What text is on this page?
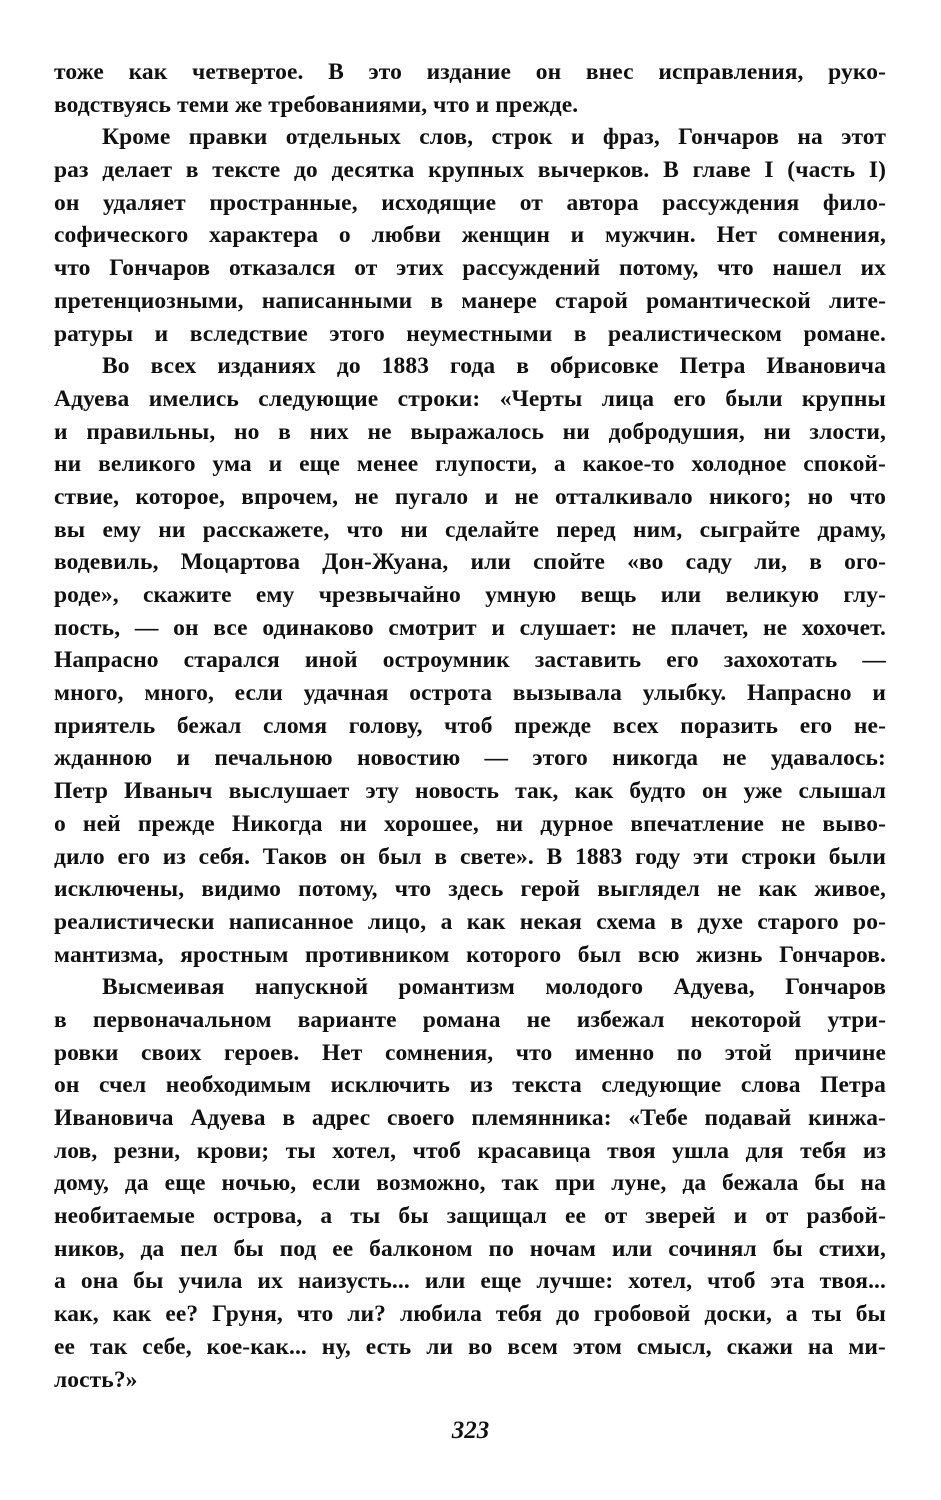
тоже как четвертое. В это издание он внес исправления, руко-
водствуясь теми же требованиями, что и прежде.
Кроме правки отдельных слов, строк и фраз, Гончаров на этот
раз делает в тексте до десятка крупных вычерков. В главе I (часть I)
он удаляет пространные, исходящие от автора рассуждения фило-
софического характера о любви женщин и мужчин. Нет сомнения,
что Гончаров отказался от этих рассуждений потому, что нашел их
претенциозными, написанными в манере старой романтической лите-
ратуры и вследствие этого неуместными в реалистическом романе.
Во всех изданиях до 1883 года в обрисовке Петра Ивановича
Адуева имелись следующие строки: «Черты лица его были крупны
и правильны, но в них не выражалось ни добродушия, ни злости,
ни великого ума и еще менее глупости, а какое-то холодное спокой-
ствие, которое, впрочем, не пугало и не отталкивало никого; но что
вы ему ни расскажете, что ни сделайте перед ним, сыграйте драму,
водевиль, Моцартова Дон-Жуана, или спойте «во саду ли, в ого-
роде», скажите ему чрезвычайно умную вещь или великую глу-
пость, — он все одинаково смотрит и слушает: не плачет, не хохочет.
Напрасно старался иной остроумник заставить его захохотать —
много, много, если удачная острота вызывала улыбку. Напрасно и
приятель бежал сломя голову, чтоб прежде всех поразить его не-
жданною и печальною новостию — этого никогда не удавалось:
Петр Иваныч выслушает эту новость так, как будто он уже слышал
о ней прежде Никогда ни хорошее, ни дурное впечатление не выво-
дило его из себя. Таков он был в свете». В 1883 году эти строки были
исключены, видимо потому, что здесь герой выглядел не как живое,
реалистически написанное лицо, а как некая схема в духе старого ро-
мантизма, яростным противником которого был всю жизнь Гончаров.
Высмеивая напускной романтизм молодого Адуева, Гончаров
в первоначальном варианте романа не избежал некоторой утри-
ровки своих героев. Нет сомнения, что именно по этой причине
он счел необходимым исключить из текста следующие слова Петра
Ивановича Адуева в адрес своего племянника: «Тебе подавай кинжа-
лов, резни, крови; ты хотел, чтоб красавица твоя ушла для тебя из
дому, да еще ночью, если возможно, так при луне, да бежала бы на
необитаемые острова, а ты бы защищал ее от зверей и от разбой-
ников, да пел бы под ее балконом по ночам или сочинял бы стихи,
а она бы учила их наизусть... или еще лучше: хотел, чтоб эта твоя...
как, как ее? Груня, что ли? любила тебя до гробовой доски, а ты бы
ее так себе, кое-как... ну, есть ли во всем этом смысл, скажи на ми-
лость?»
323
